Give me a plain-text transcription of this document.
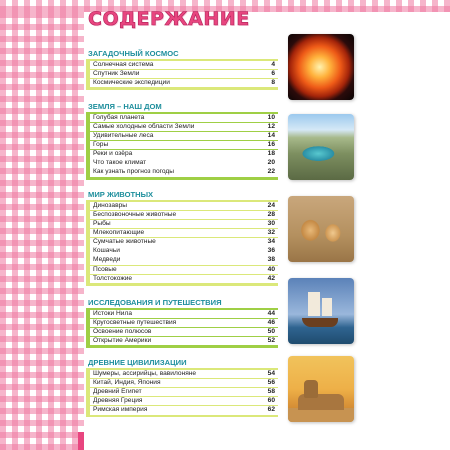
СОДЕРЖАНИЕ
ЗАГАДОЧНЫЙ КОСМОС
Солнечная система	4
Спутник Земли	6
Космические экспедиции	8
ЗЕМЛЯ – НАШ ДОМ
Голубая планета	10
Самые холодные области Земли	12
Удивительные леса	14
Горы	16
Реки и озёра	18
Что такое климат	20
Как узнать прогноз погоды	22
МИР ЖИВОТНЫХ
Динозавры	24
Беспозвоночные животные	28
Рыбы	30
Млекопитающие	32
Сумчатые животные	34
Кошачьи	36
Медведи	38
Псовые	40
Толстокожие	42
ИССЛЕДОВАНИЯ И ПУТЕШЕСТВИЯ
Истоки Нила	44
Кругосветные путешествия	46
Освоение полюсов	50
Открытие Америки	52
ДРЕВНИЕ ЦИВИЛИЗАЦИИ
Шумеры, ассирийцы, вавилоняне	54
Китай, Индия, Япония	56
Древний Египет	58
Древняя Греция	60
Римская империя	62
